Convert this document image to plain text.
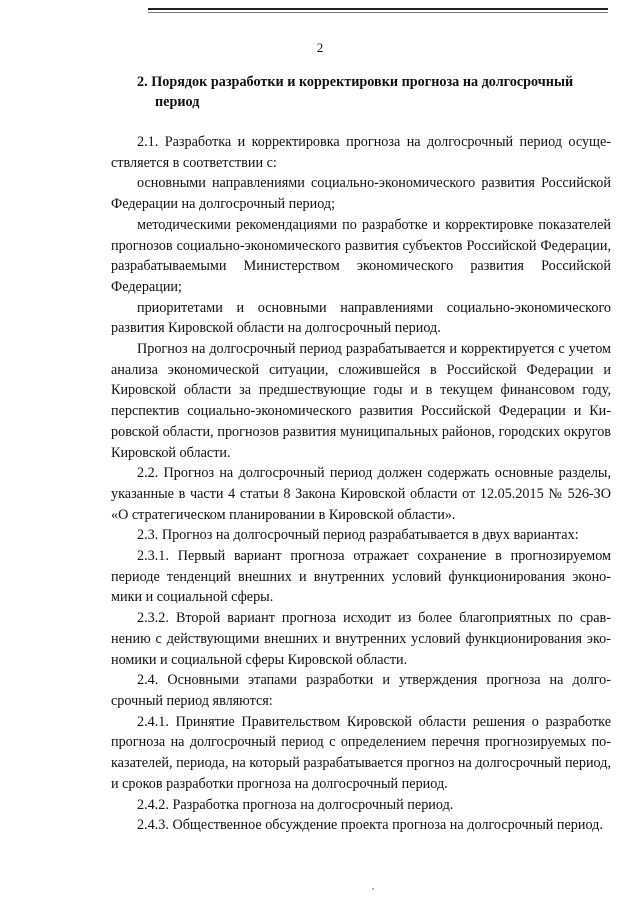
2
2. Порядок разработки и корректировки прогноза на долгосрочный
период

2.1. Разработка и корректировка прогноза на долгосрочный период осуществляется в соответствии с:

основными направлениями социально-экономического развития Российской Федерации на долгосрочный период;

методическими рекомендациями по разработке и корректировке показателей прогнозов социально-экономического развития субъектов Российской Федерации, разрабатываемыми Министерством экономического развития Российской Федерации;

приоритетами и основными направлениями социально-экономического развития Кировской области на долгосрочный период.

Прогноз на долгосрочный период разрабатывается и корректируется с учетом анализа экономической ситуации, сложившейся в Российской Федерации и Кировской области за предшествующие годы и в текущем финансовом году, перспектив социально-экономического развития Российской Федерации и Кировской области, прогнозов развития муниципальных районов, городских округов Кировской области.

2.2. Прогноз на долгосрочный период должен содержать основные разделы, указанные в части 4 статьи 8 Закона Кировской области от 12.05.2015 № 526-ЗО «О стратегическом планировании в Кировской области».

2.3. Прогноз на долгосрочный период разрабатывается в двух вариантах:

2.3.1. Первый вариант прогноза отражает сохранение в прогнозируемом периоде тенденций внешних и внутренних условий функционирования экономики и социальной сферы.

2.3.2. Второй вариант прогноза исходит из более благоприятных по сравнению с действующими внешних и внутренних условий функционирования экономики и социальной сферы Кировской области.

2.4. Основными этапами разработки и утверждения прогноза на долгосрочный период являются:

2.4.1. Принятие Правительством Кировской области решения о разработке прогноза на долгосрочный период с определением перечня прогнозируемых показателей, периода, на который разрабатывается прогноз на долгосрочный период, и сроков разработки прогноза на долгосрочный период.

2.4.2. Разработка прогноза на долгосрочный период.

2.4.3. Общественное обсуждение проекта прогноза на долгосрочный период.
